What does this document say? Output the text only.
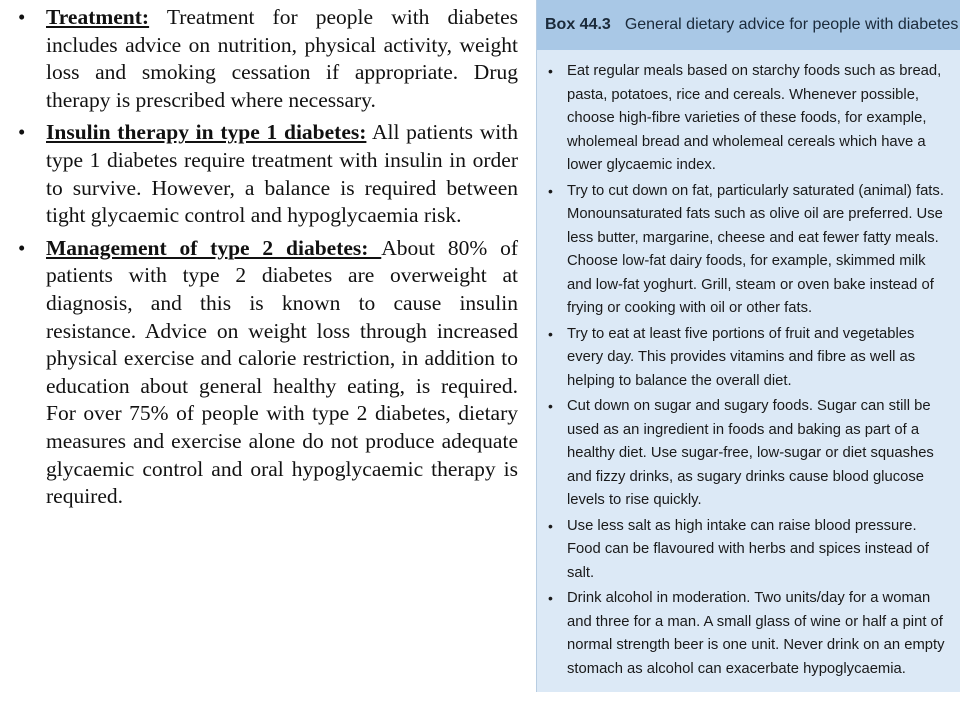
• Treatment: Treatment for people with diabetes includes advice on nutrition, physical activity, weight loss and smoking cessation if appropriate. Drug therapy is prescribed where necessary.
• Insulin therapy in type 1 diabetes: All patients with type 1 diabetes require treatment with insulin in order to survive. However, a balance is required between tight glycaemic control and hypoglycaemia risk.
• Management of type 2 diabetes: About 80% of patients with type 2 diabetes are overweight at diagnosis, and this is known to cause insulin resistance. Advice on weight loss through increased physical exercise and calorie restriction, in addition to education about general healthy eating, is required. For over 75% of people with type 2 diabetes, dietary measures and exercise alone do not produce adequate glycaemic control and oral hypoglycaemic therapy is required.
Box 44.3 General dietary advice for people with diabetes
• Eat regular meals based on starchy foods such as bread, pasta, potatoes, rice and cereals. Whenever possible, choose high-fibre varieties of these foods, for example, wholemeal bread and wholemeal cereals which have a lower glycaemic index.
• Try to cut down on fat, particularly saturated (animal) fats. Monounsaturated fats such as olive oil are preferred. Use less butter, margarine, cheese and eat fewer fatty meals. Choose low-fat dairy foods, for example, skimmed milk and low-fat yoghurt. Grill, steam or oven bake instead of frying or cooking with oil or other fats.
• Try to eat at least five portions of fruit and vegetables every day. This provides vitamins and fibre as well as helping to balance the overall diet.
• Cut down on sugar and sugary foods. Sugar can still be used as an ingredient in foods and baking as part of a healthy diet. Use sugar-free, low-sugar or diet squashes and fizzy drinks, as sugary drinks cause blood glucose levels to rise quickly.
• Use less salt as high intake can raise blood pressure. Food can be flavoured with herbs and spices instead of salt.
• Drink alcohol in moderation. Two units/day for a woman and three for a man. A small glass of wine or half a pint of normal strength beer is one unit. Never drink on an empty stomach as alcohol can exacerbate hypoglycaemia.
